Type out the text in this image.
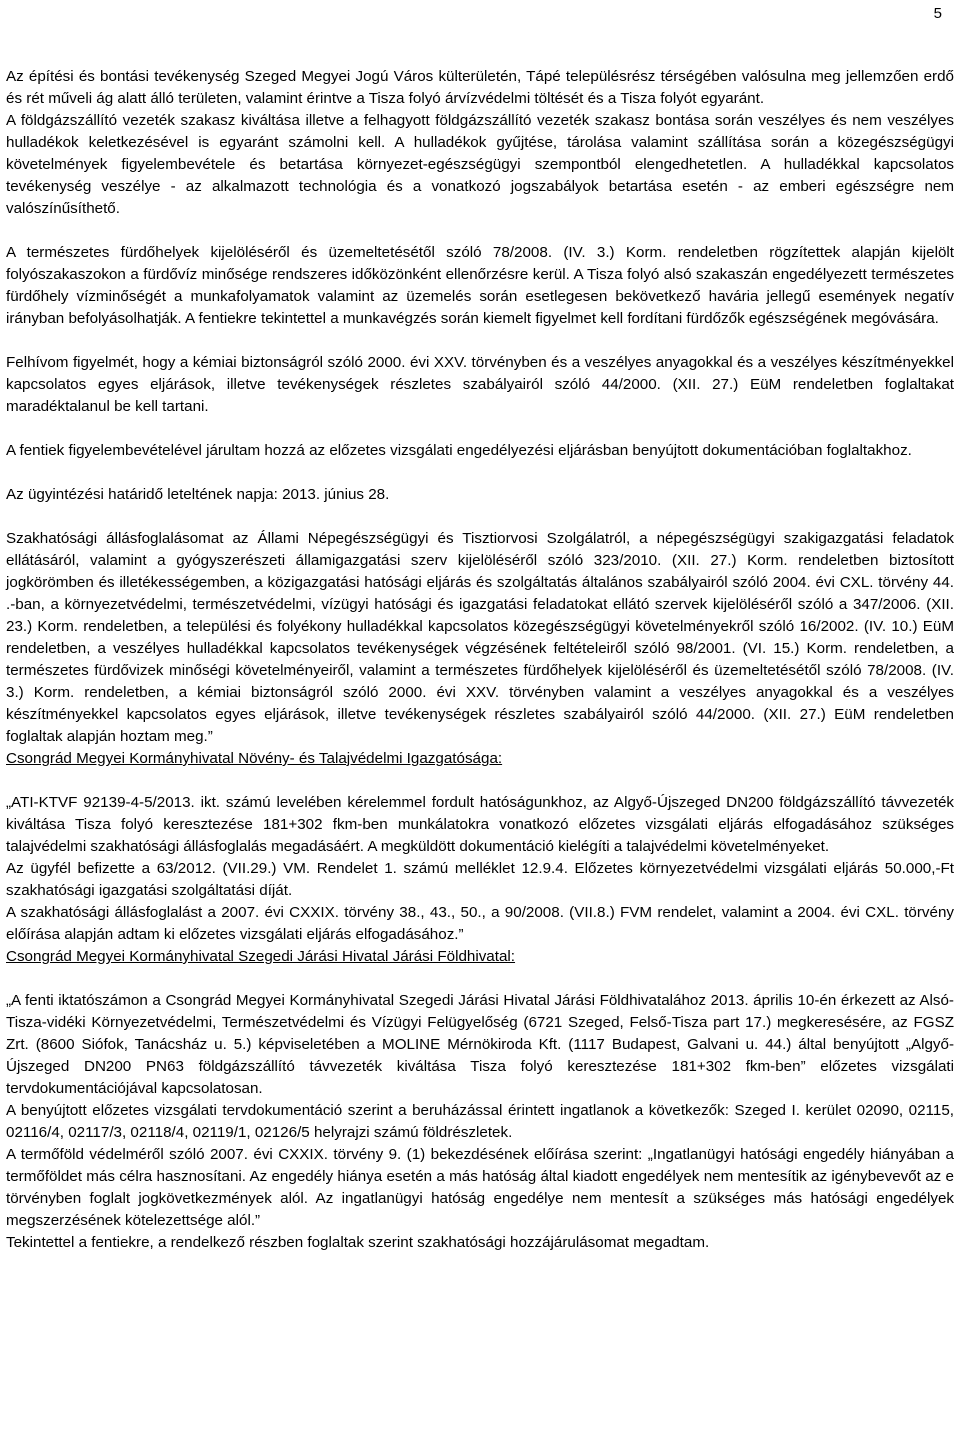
5

Az építési és bontási tevékenység Szeged Megyei Jogú Város külterületén, Tápé településrész térségében valósulna meg jellemzően erdő és rét műveli ág alatt álló területen, valamint érintve a Tisza folyó árvízvédelmi töltését és a Tisza folyót egyaránt.

A földgázszállító vezeték szakasz kiváltása illetve a felhagyott földgázszállító vezeték szakasz bontása során veszélyes és nem veszélyes hulladékok keletkezésével is egyaránt számolni kell. A hulladékok gyűjtése, tárolása valamint szállítása során a közegészségügyi követelmények figyelembevétele és betartása környezet-egészségügyi szempontból elengedhetetlen. A hulladékkal kapcsolatos tevékenység veszélye - az alkalmazott technológia és a vonatkozó jogszabályok betartása esetén - az emberi egészségre nem valószínűsíthető.

A természetes fürdőhelyek kijelöléséről és üzemeltetésétől szóló 78/2008. (IV. 3.) Korm. rendeletben rögzítettek alapján kijelölt folyószakaszokon a fürdővíz minősége rendszeres időközönként ellenőrzésre kerül. A Tisza folyó alsó szakaszán engedélyezett természetes fürdőhely vízminőségét a munkafolyamatok valamint az üzemelés során esetlegesen bekövetkező havária jellegű események negatív irányban befolyásolhatják. A fentiekre tekintettel a munkavégzés során kiemelt figyelmet kell fordítani fürdőzők egészségének megóvására.

Felhívom figyelmét, hogy a kémiai biztonságról szóló 2000. évi XXV. törvényben és a veszélyes anyagokkal és a veszélyes készítményekkel kapcsolatos egyes eljárások, illetve tevékenységek részletes szabályairól szóló 44/2000. (XII. 27.) EüM rendeletben foglaltakat maradéktalanul be kell tartani.

A fentiek figyelembevételével járultam hozzá az előzetes vizsgálati engedélyezési eljárásban benyújtott dokumentációban foglaltakhoz.

Az ügyintézési határidő leteltének napja: 2013. június 28.

Szakhatósági állásfoglalásomat az Állami Népegészségügyi és Tisztiorvosi Szolgálatról, a népegészségügyi szakigazgatási feladatok ellátásáról, valamint a gyógyszerészeti államigazgatási szerv kijelöléséről szóló 323/2010. (XII. 27.) Korm. rendeletben biztosított jogkörömben és illetékességemben, a közigazgatási hatósági eljárás és szolgáltatás általános szabályairól szóló 2004. évi CXL. törvény 44. .-ban, a környezetvédelmi, természetvédelmi, vízügyi hatósági és igazgatási feladatokat ellátó szervek kijelöléséről szóló a 347/2006. (XII. 23.) Korm. rendeletben, a települési és folyékony hulladékkal kapcsolatos közegészségügyi követelményekről szóló 16/2002. (IV. 10.) EüM rendeletben, a veszélyes hulladékkal kapcsolatos tevékenységek végzésének feltételeiről szóló 98/2001. (VI. 15.) Korm. rendeletben, a természetes fürdővizek minőségi követelményeiről, valamint a természetes fürdőhelyek kijelöléséről és üzemeltetésétől szóló 78/2008. (IV. 3.) Korm. rendeletben, a kémiai biztonságról szóló 2000. évi XXV. törvényben valamint a veszélyes anyagokkal és a veszélyes készítményekkel kapcsolatos egyes eljárások, illetve tevékenységek részletes szabályairól szóló 44/2000. (XII. 27.) EüM rendeletben foglaltak alapján hoztam meg.”

Csongrád Megyei Kormányhivatal Növény- és Talajvédelmi Igazgatósága:

„ATI-KTVF 92139-4-5/2013. ikt. számú levelében kérelemmel fordult hatóságunkhoz, az Algyő-Újszeged DN200 földgázszállító távvezeték kiváltása Tisza folyó keresztezése 181+302 fkm-ben munkálatokra vonatkozó előzetes vizsgálati eljárás elfogadásához szükséges talajvédelmi szakhatósági állásfoglalás megadásáért. A megküldött dokumentáció kielégíti a talajvédelmi követelményeket.

Az ügyfél befizette a 63/2012. (VII.29.) VM. Rendelet 1. számú melléklet 12.9.4. Előzetes környezetvédelmi vizsgálati eljárás 50.000,-Ft szakhatósági igazgatási szolgáltatási díját.

A szakhatósági állásfoglalást a 2007. évi CXXIX. törvény 38., 43., 50., a 90/2008. (VII.8.) FVM rendelet, valamint a 2004. évi CXL. törvény előírása alapján adtam ki előzetes vizsgálati eljárás elfogadásához.”

Csongrád Megyei Kormányhivatal Szegedi Járási Hivatal Járási Földhivatal:

„A fenti iktatószámon a Csongrád Megyei Kormányhivatal Szegedi Járási Hivatal Járási Földhivatalához 2013. április 10-én érkezett az Alsó-Tisza-vidéki Környezetvédelmi, Természetvédelmi és Vízügyi Felügyelőség (6721 Szeged, Felső-Tisza part 17.) megkeresésére, az FGSZ Zrt. (8600 Siófok, Tanácsház u. 5.) képviseletében a MOLINE Mérnökiroda Kft. (1117 Budapest, Galvani u. 44.) által benyújtott „Algyő-Újszeged DN200 PN63 földgázszállító távvezeték kiváltása Tisza folyó keresztezése 181+302 fkm-ben” előzetes vizsgálati tervdokumentációjával kapcsolatosan.

A benyújtott előzetes vizsgálati tervdokumentáció szerint a beruházással érintett ingatlanok a következők: Szeged I. kerület 02090, 02115, 02116/4, 02117/3, 02118/4, 02119/1, 02126/5 helyrajzi számú földrészletek.

A termőföld védelméről szóló 2007. évi CXXIX. törvény 9. (1) bekezdésének előírása szerint: „Ingatlanügyi hatósági engedély hiányában a termőföldet más célra hasznosítani. Az engedély hiánya esetén a más hatóság által kiadott engedélyek nem mentesítik az igénybevevőt az e törvényben foglalt jogkövetkezmények alól. Az ingatlanügyi hatóság engedélye nem mentesít a szükséges más hatósági engedélyek megszerzésének kötelezettsége alól.”

Tekintettel a fentiekre, a rendelkező részben foglaltak szerint szakhatósági hozzájárulásomat megadtam.
